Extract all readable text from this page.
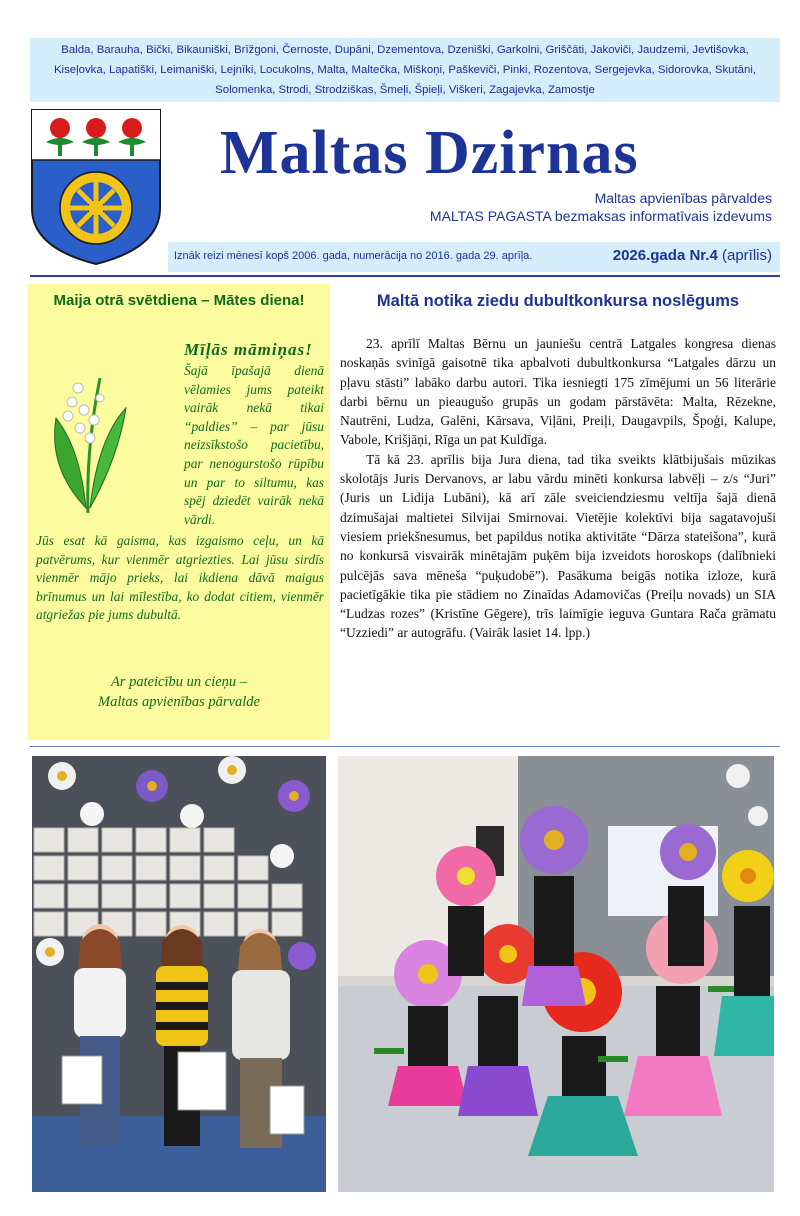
Balda, Barauha, Bički, Bikauniški, Brīžgoni, Černoste, Dupāni, Dzementova, Dzeniški, Garkolni, Griščāti, Jakoviči, Jaudzemi, Jevtišovka, Kiseļovka, Lapatiški, Leimaniški, Lejnīki, Locukolns, Malta, Maltečka, Miškoņi, Paškeviči, Pinki, Rozentova, Sergejevka, Sidorovka, Skutāni, Solomenka, Strodi, Strodziškas, Šmeļi, Špieļi, Viškeri, Zagajevka, Zamostje
Maltas Dzirnas
Maltas apvienības pārvaldes
MALTAS PAGASTA bezmaksas informatīvais izdevums
Iznāk reizi mēnesī kopš 2006. gada, numerācija no 2016. gada 29. aprīļa.	2026.gada Nr.4 (aprīlis)
Maija otrā svētdiena – Mātes diena!
Mīļās māmiņas!

Šajā īpašajā dienā vēlamies jums pateikt vairāk nekā tikai “paldies” – par jūsu neizsīkstošo pacietību, par nenogurstošo rūpību un par to siltumu, kas spēj dziedēt vairāk nekā vārdi.

Jūs esat kā gaisma, kas izgaismo ceļu, un kā patvērums, kur vienmēr atgriezties. Lai jūsu sirdīs vienmēr mājo prieks, lai ikdiena dāvā maigus brīnumus un lai mīlestība, ko dodat citiem, vienmēr atgriežas pie jums dubultā.

Ar pateicību un cieņu –
Maltas apvienības pārvalde
Maltā notika ziedu dubultkonkursa noslēgums

23. aprīlī Maltas Bērnu un jauniešu centrā Latgales kongresa dienas noskaņās svinīgā gaisotnē tika apbalvoti dubultkonkursa “Latgales dārzu un pļavu stāsti” labāko darbu autori. Tika iesniegti 175 zīmējumi un 56 literārie darbi bērnu un pieaugušo grupās un godam pārstāvēta: Malta, Rēzekne, Nautrēni, Ludza, Galēni, Kārsava, Viļāni, Preiļi, Daugavpils, Špoģi, Kalupe, Vabole, Krišjāņi, Rīga un pat Kuldīga.

Tā kā 23. aprīlis bija Jura diena, tad tika sveikts klātbijušais mūzikas skolotājs Juris Dervanovs, ar labu vārdu minēti konkursa labvēļi – z/s “Juri” (Juris un Lidija Lubāni), kā arī zāle sveiciendziesmu veltīja šajā dienā dzimušajai maltietei Silvijai Smirnovai. Vietējie kolektīvi bija sagatavojuši viesiem priekšnesumus, bet papildus notika aktivitāte “Dārza stateišona”, kurā no konkursā visvairāk minētajām puķēm bija izveidots horoskops (dalībnieki pulcējās sava mēneša “puķudobē”). Pasākuma beigās notika izloze, kurā pacietīgākie tika pie stādiem no Zinaīdas Adamovičas (Preiļu novads) un SIA “Ludzas rozes” (Kristīne Gēgere), trīs laimīgie ieguva Guntara Rača grāmatu “Uzziedi” ar autogrāfu. (Vairāk lasiet 14. lpp.)
